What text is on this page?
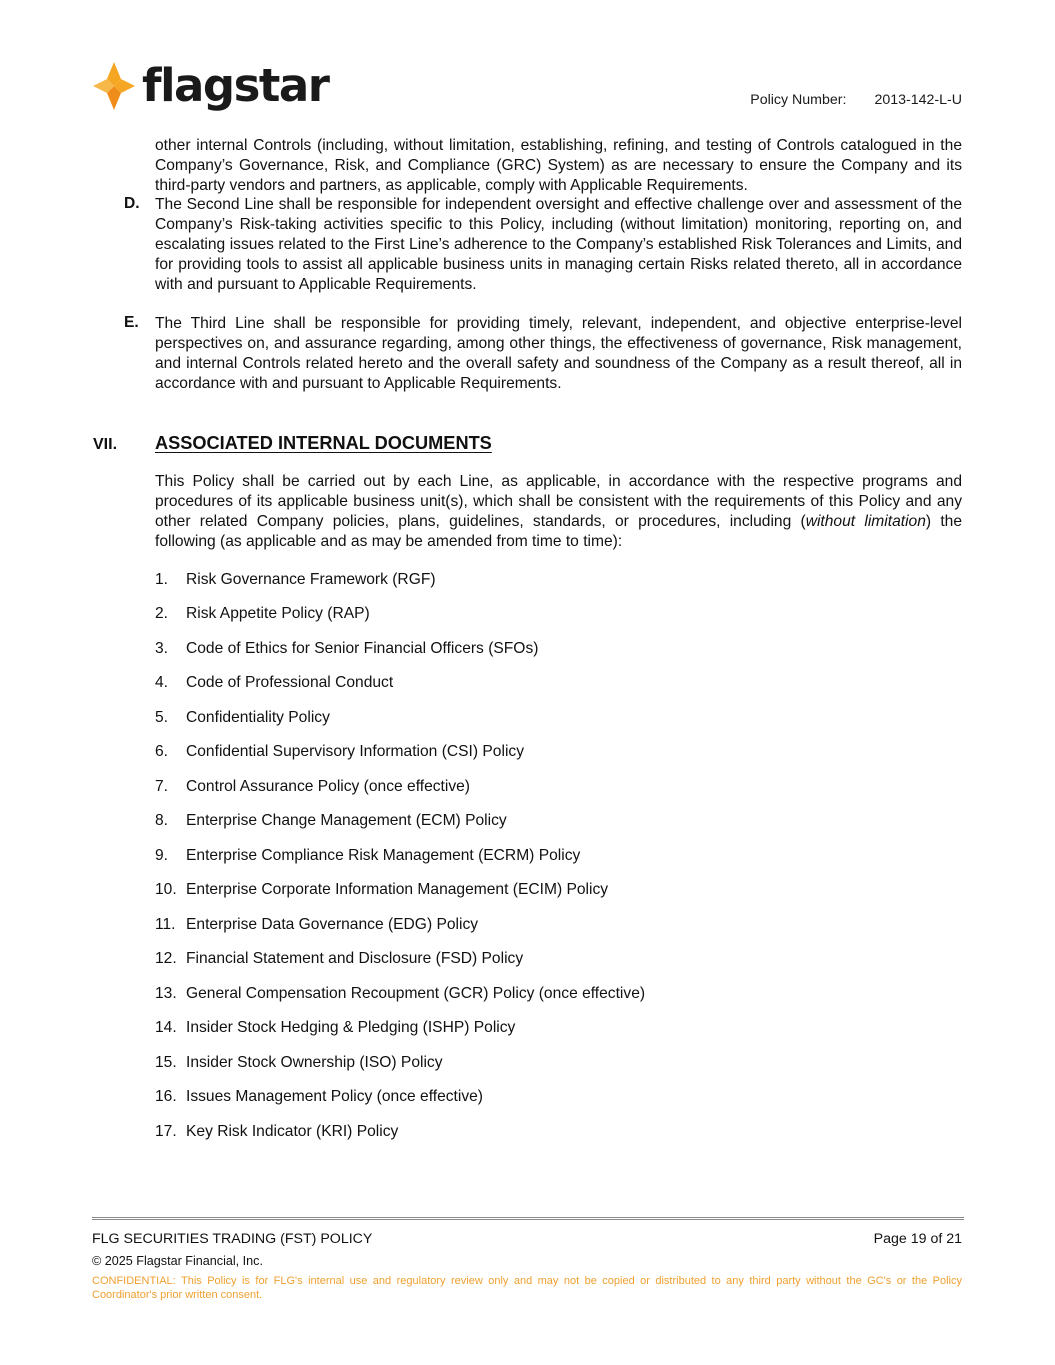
flagstar	Policy Number: 2013-142-L-U

other internal Controls (including, without limitation, establishing, refining, and testing of Controls catalogued in the Company’s Governance, Risk, and Compliance (GRC) System) as are necessary to ensure the Company and its third-party vendors and partners, as applicable, comply with Applicable Requirements.

D. The Second Line shall be responsible for independent oversight and effective challenge over and assessment of the Company’s Risk-taking activities specific to this Policy, including (without limitation) monitoring, reporting on, and escalating issues related to the First Line’s adherence to the Company’s established Risk Tolerances and Limits, and for providing tools to assist all applicable business units in managing certain Risks related thereto, all in accordance with and pursuant to Applicable Requirements.

E.	The Third Line shall be responsible for providing timely, relevant, independent, and objective enterprise-level perspectives on, and assurance regarding, among other things, the effectiveness of governance, Risk management, and internal Controls related hereto and the overall safety and soundness of the Company as a result thereof, all in accordance with and pursuant to Applicable Requirements.

VII.	ASSOCIATED INTERNAL DOCUMENTS

This Policy shall be carried out by each Line, as applicable, in accordance with the respective programs and procedures of its applicable business unit(s), which shall be consistent with the requirements of this Policy and any other related Company policies, plans, guidelines, standards, or procedures, including (without limitation) the following (as applicable and as may be amended from time to time):

1.	Risk Governance Framework (RGF)
2.	Risk Appetite Policy (RAP)
3.	Code of Ethics for Senior Financial Officers (SFOs)
4.	Code of Professional Conduct
5.	Confidentiality Policy
6.	Confidential Supervisory Information (CSI) Policy
7.	Control Assurance Policy (once effective)
8.	Enterprise Change Management (ECM) Policy
9.	Enterprise Compliance Risk Management (ECRM) Policy
10. Enterprise Corporate Information Management (ECIM) Policy
11. Enterprise Data Governance (EDG) Policy
12. Financial Statement and Disclosure (FSD) Policy
13. General Compensation Recoupment (GCR) Policy (once effective)
14. Insider Stock Hedging & Pledging (ISHP) Policy
15. Insider Stock Ownership (ISO) Policy
16. Issues Management Policy (once effective)
17. Key Risk Indicator (KRI) Policy
FLG SECURITIES TRADING (FST) POLICY	Page 19 of 21
© 2025 Flagstar Financial, Inc.
CONFIDENTIAL: This Policy is for FLG's internal use and regulatory review only and may not be copied or distributed to any third party without the GC's or the Policy Coordinator's prior written consent.
